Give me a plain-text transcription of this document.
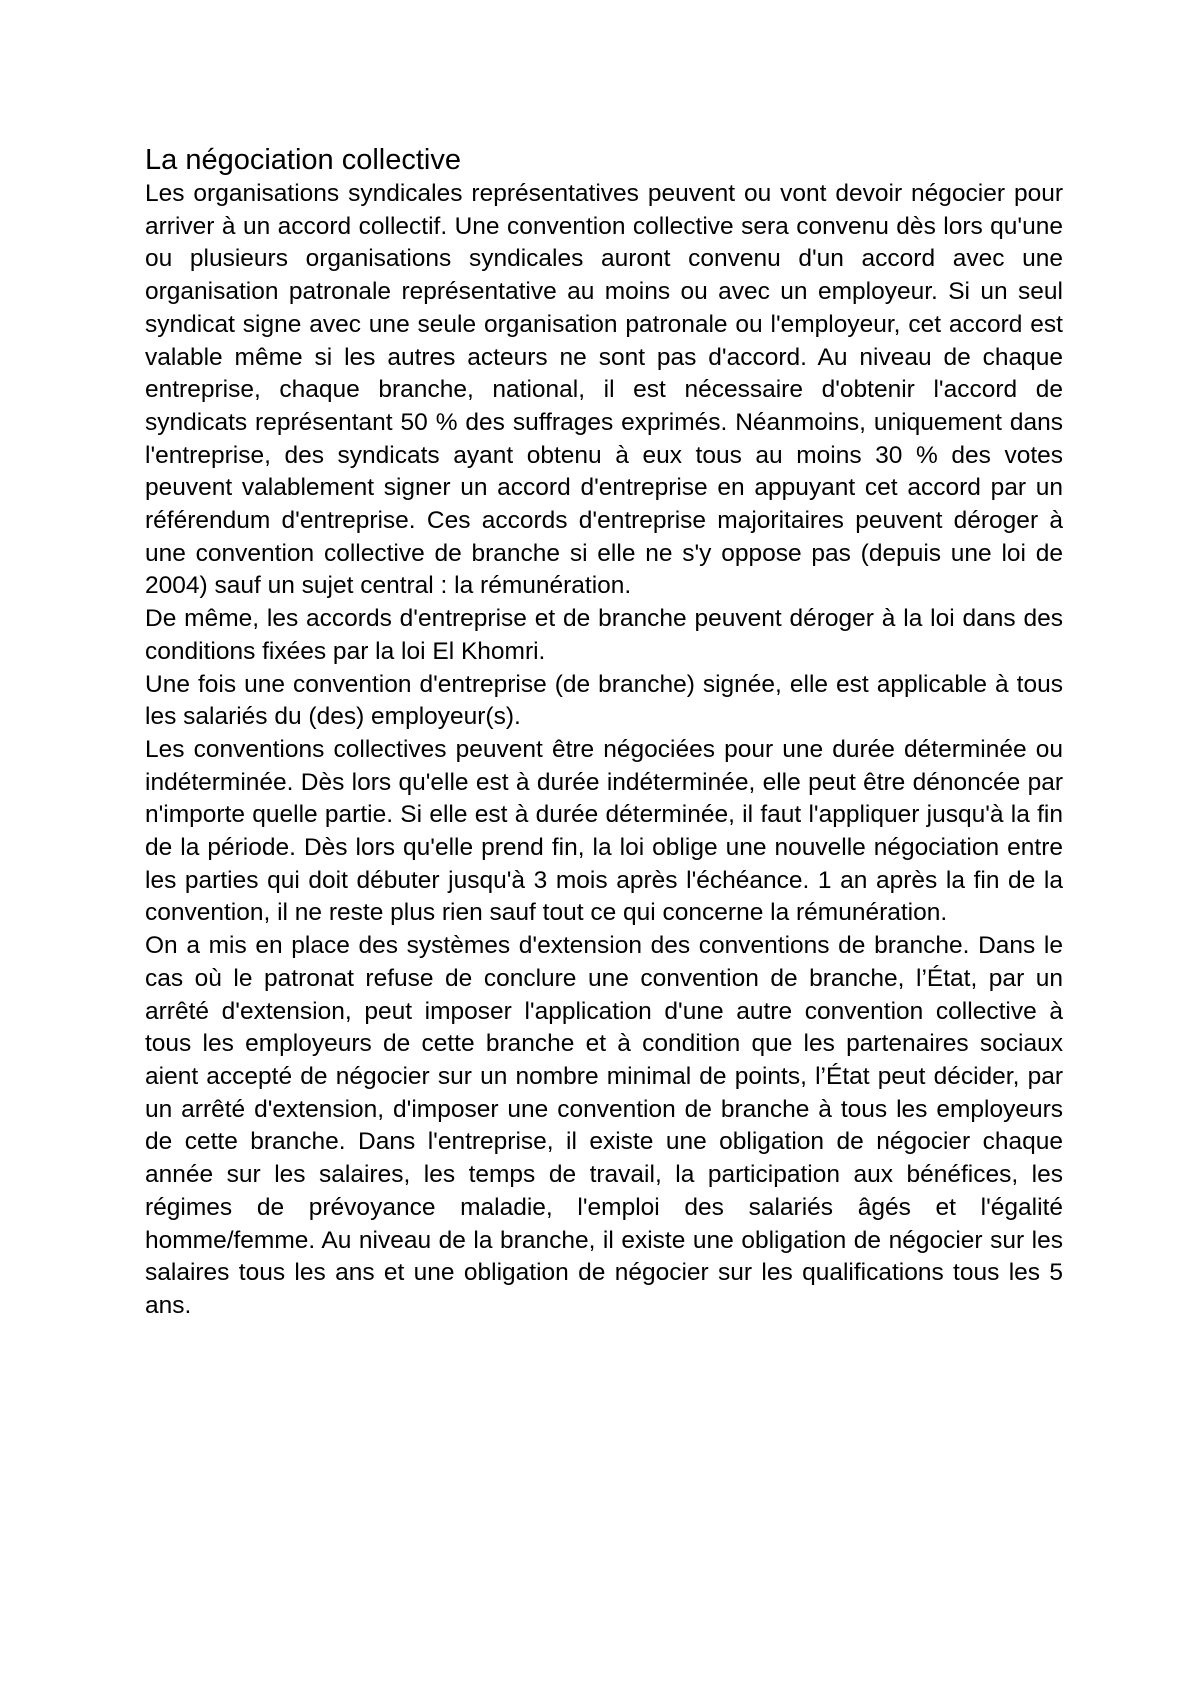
La négociation collective

Les organisations syndicales représentatives peuvent ou vont devoir négocier pour arriver à un accord collectif. Une convention collective sera convenu dès lors qu'une ou plusieurs organisations syndicales auront convenu d'un accord avec une organisation patronale représentative au moins ou avec un employeur. Si un seul syndicat signe avec une seule organisation patronale ou l'employeur, cet accord est valable même si les autres acteurs ne sont pas d'accord. Au niveau de chaque entreprise, chaque branche, national, il est nécessaire d'obtenir l'accord de syndicats représentant 50 % des suffrages exprimés. Néanmoins, uniquement dans l'entreprise, des syndicats ayant obtenu à eux tous au moins 30 % des votes peuvent valablement signer un accord d'entreprise en appuyant cet accord par un référendum d'entreprise. Ces accords d'entreprise majoritaires peuvent déroger à une convention collective de branche si elle ne s'y oppose pas (depuis une loi de 2004) sauf un sujet central : la rémunération.

De même, les accords d'entreprise et de branche peuvent déroger à la loi dans des conditions fixées par la loi El Khomri.

Une fois une convention d'entreprise (de branche) signée, elle est applicable à tous les salariés du (des) employeur(s).

Les conventions collectives peuvent être négociées pour une durée déterminée ou indéterminée. Dès lors qu'elle est à durée indéterminée, elle peut être dénoncée par n'importe quelle partie. Si elle est à durée déterminée, il faut l'appliquer jusqu'à la fin de la période. Dès lors qu'elle prend fin, la loi oblige une nouvelle négociation entre les parties qui doit débuter jusqu'à 3 mois après l'échéance. 1 an après la fin de la convention, il ne reste plus rien sauf tout ce qui concerne la rémunération.

On a mis en place des systèmes d'extension des conventions de branche. Dans le cas où le patronat refuse de conclure une convention de branche, l’État, par un arrêté d'extension, peut imposer l'application d'une autre convention collective à tous les employeurs de cette branche et à condition que les partenaires sociaux aient accepté de négocier sur un nombre minimal de points, l’État peut décider, par un arrêté d'extension, d'imposer une convention de branche à tous les employeurs de cette branche. Dans l'entreprise, il existe une obligation de négocier chaque année sur les salaires, les temps de travail, la participation aux bénéfices, les régimes de prévoyance maladie, l'emploi des salariés âgés et l'égalité homme/femme. Au niveau de la branche, il existe une obligation de négocier sur les salaires tous les ans et une obligation de négocier sur les qualifications tous les 5 ans.
